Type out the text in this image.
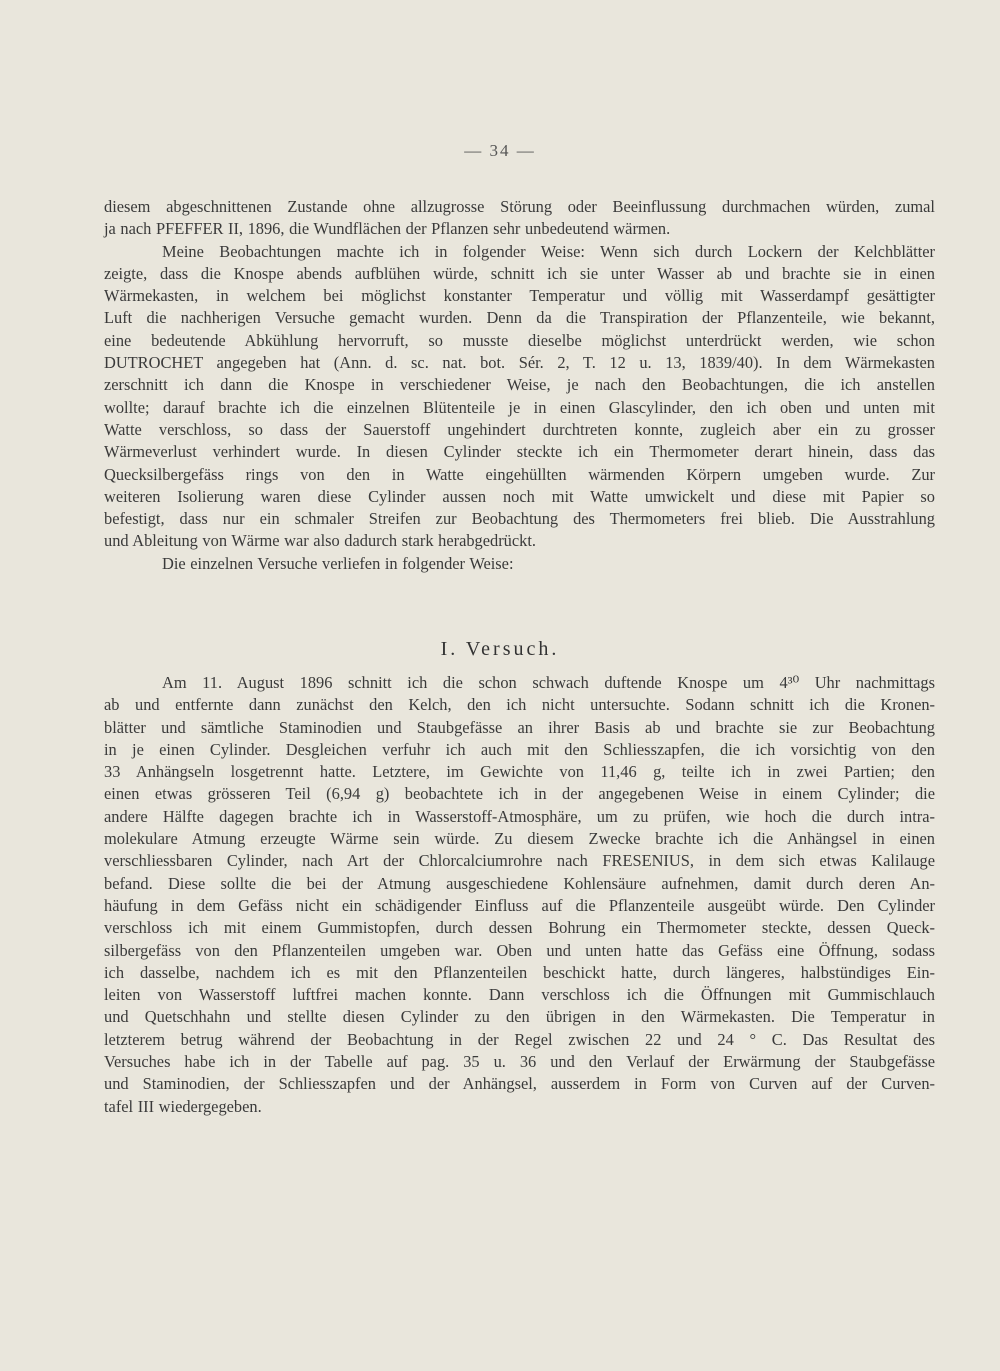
— 34 —
diesem abgeschnittenen Zustande ohne allzugrosse Störung oder Beeinflussung durchmachen würden, zumal
ja nach PFEFFER II, 1896, die Wundflächen der Pflanzen sehr unbedeutend wärmen.
Meine Beobachtungen machte ich in folgender Weise: Wenn sich durch Lockern der Kelchblätter
zeigte, dass die Knospe abends aufblühen würde, schnitt ich sie unter Wasser ab und brachte sie in einen
Wärmekasten, in welchem bei möglichst konstanter Temperatur und völlig mit Wasserdampf gesättigter
Luft die nachherigen Versuche gemacht wurden. Denn da die Transpiration der Pflanzenteile, wie bekannt,
eine bedeutende Abkühlung hervorruft, so musste dieselbe möglichst unterdrückt werden, wie schon
DUTROCHET angegeben hat (Ann. d. sc. nat. bot. Sér. 2, T. 12 u. 13, 1839/40). In dem Wärmekasten
zerschnitt ich dann die Knospe in verschiedener Weise, je nach den Beobachtungen, die ich anstellen
wollte; darauf brachte ich die einzelnen Blütenteile je in einen Glascylinder, den ich oben und unten mit
Watte verschloss, so dass der Sauerstoff ungehindert durchtreten konnte, zugleich aber ein zu grosser
Wärmeverlust verhindert wurde. In diesen Cylinder steckte ich ein Thermometer derart hinein, dass das
Quecksilbergefäss rings von den in Watte eingehüllten wärmenden Körpern umgeben wurde. Zur
weiteren Isolierung waren diese Cylinder aussen noch mit Watte umwickelt und diese mit Papier so
befestigt, dass nur ein schmaler Streifen zur Beobachtung des Thermometers frei blieb. Die Ausstrahlung
und Ableitung von Wärme war also dadurch stark herabgedrückt.
Die einzelnen Versuche verliefen in folgender Weise:
I. Versuch.
Am 11. August 1896 schnitt ich die schon schwach duftende Knospe um 4³⁰ Uhr nachmittags
ab und entfernte dann zunächst den Kelch, den ich nicht untersuchte. Sodann schnitt ich die Kronen-
blätter und sämtliche Staminodien und Staubgefässe an ihrer Basis ab und brachte sie zur Beobachtung
in je einen Cylinder. Desgleichen verfuhr ich auch mit den Schliesszapfen, die ich vorsichtig von den
33 Anhängseln losgetrennt hatte. Letztere, im Gewichte von 11,46 g, teilte ich in zwei Partien; den
einen etwas grösseren Teil (6,94 g) beobachtete ich in der angegebenen Weise in einem Cylinder; die
andere Hälfte dagegen brachte ich in Wasserstoff-Atmosphäre, um zu prüfen, wie hoch die durch intra-
molekulare Atmung erzeugte Wärme sein würde. Zu diesem Zwecke brachte ich die Anhängsel in einen
verschliessbaren Cylinder, nach Art der Chlorcalciumrohre nach FRESENIUS, in dem sich etwas Kalilauge
befand. Diese sollte die bei der Atmung ausgeschiedene Kohlensäure aufnehmen, damit durch deren An-
häufung in dem Gefäss nicht ein schädigender Einfluss auf die Pflanzenteile ausgeübt würde. Den Cylinder
verschloss ich mit einem Gummistopfen, durch dessen Bohrung ein Thermometer steckte, dessen Queck-
silbergefäss von den Pflanzenteilen umgeben war. Oben und unten hatte das Gefäss eine Öffnung, sodass
ich dasselbe, nachdem ich es mit den Pflanzenteilen beschickt hatte, durch längeres, halbstündiges Ein-
leiten von Wasserstoff luftfrei machen konnte. Dann verschloss ich die Öffnungen mit Gummischlauch
und Quetschhahn und stellte diesen Cylinder zu den übrigen in den Wärmekasten. Die Temperatur in
letzterem betrug während der Beobachtung in der Regel zwischen 22 und 24 ° C. Das Resultat des
Versuches habe ich in der Tabelle auf pag. 35 u. 36 und den Verlauf der Erwärmung der Staubgefässe
und Staminodien, der Schliesszapfen und der Anhängsel, ausserdem in Form von Curven auf der Curven-
tafel III wiedergegeben.
